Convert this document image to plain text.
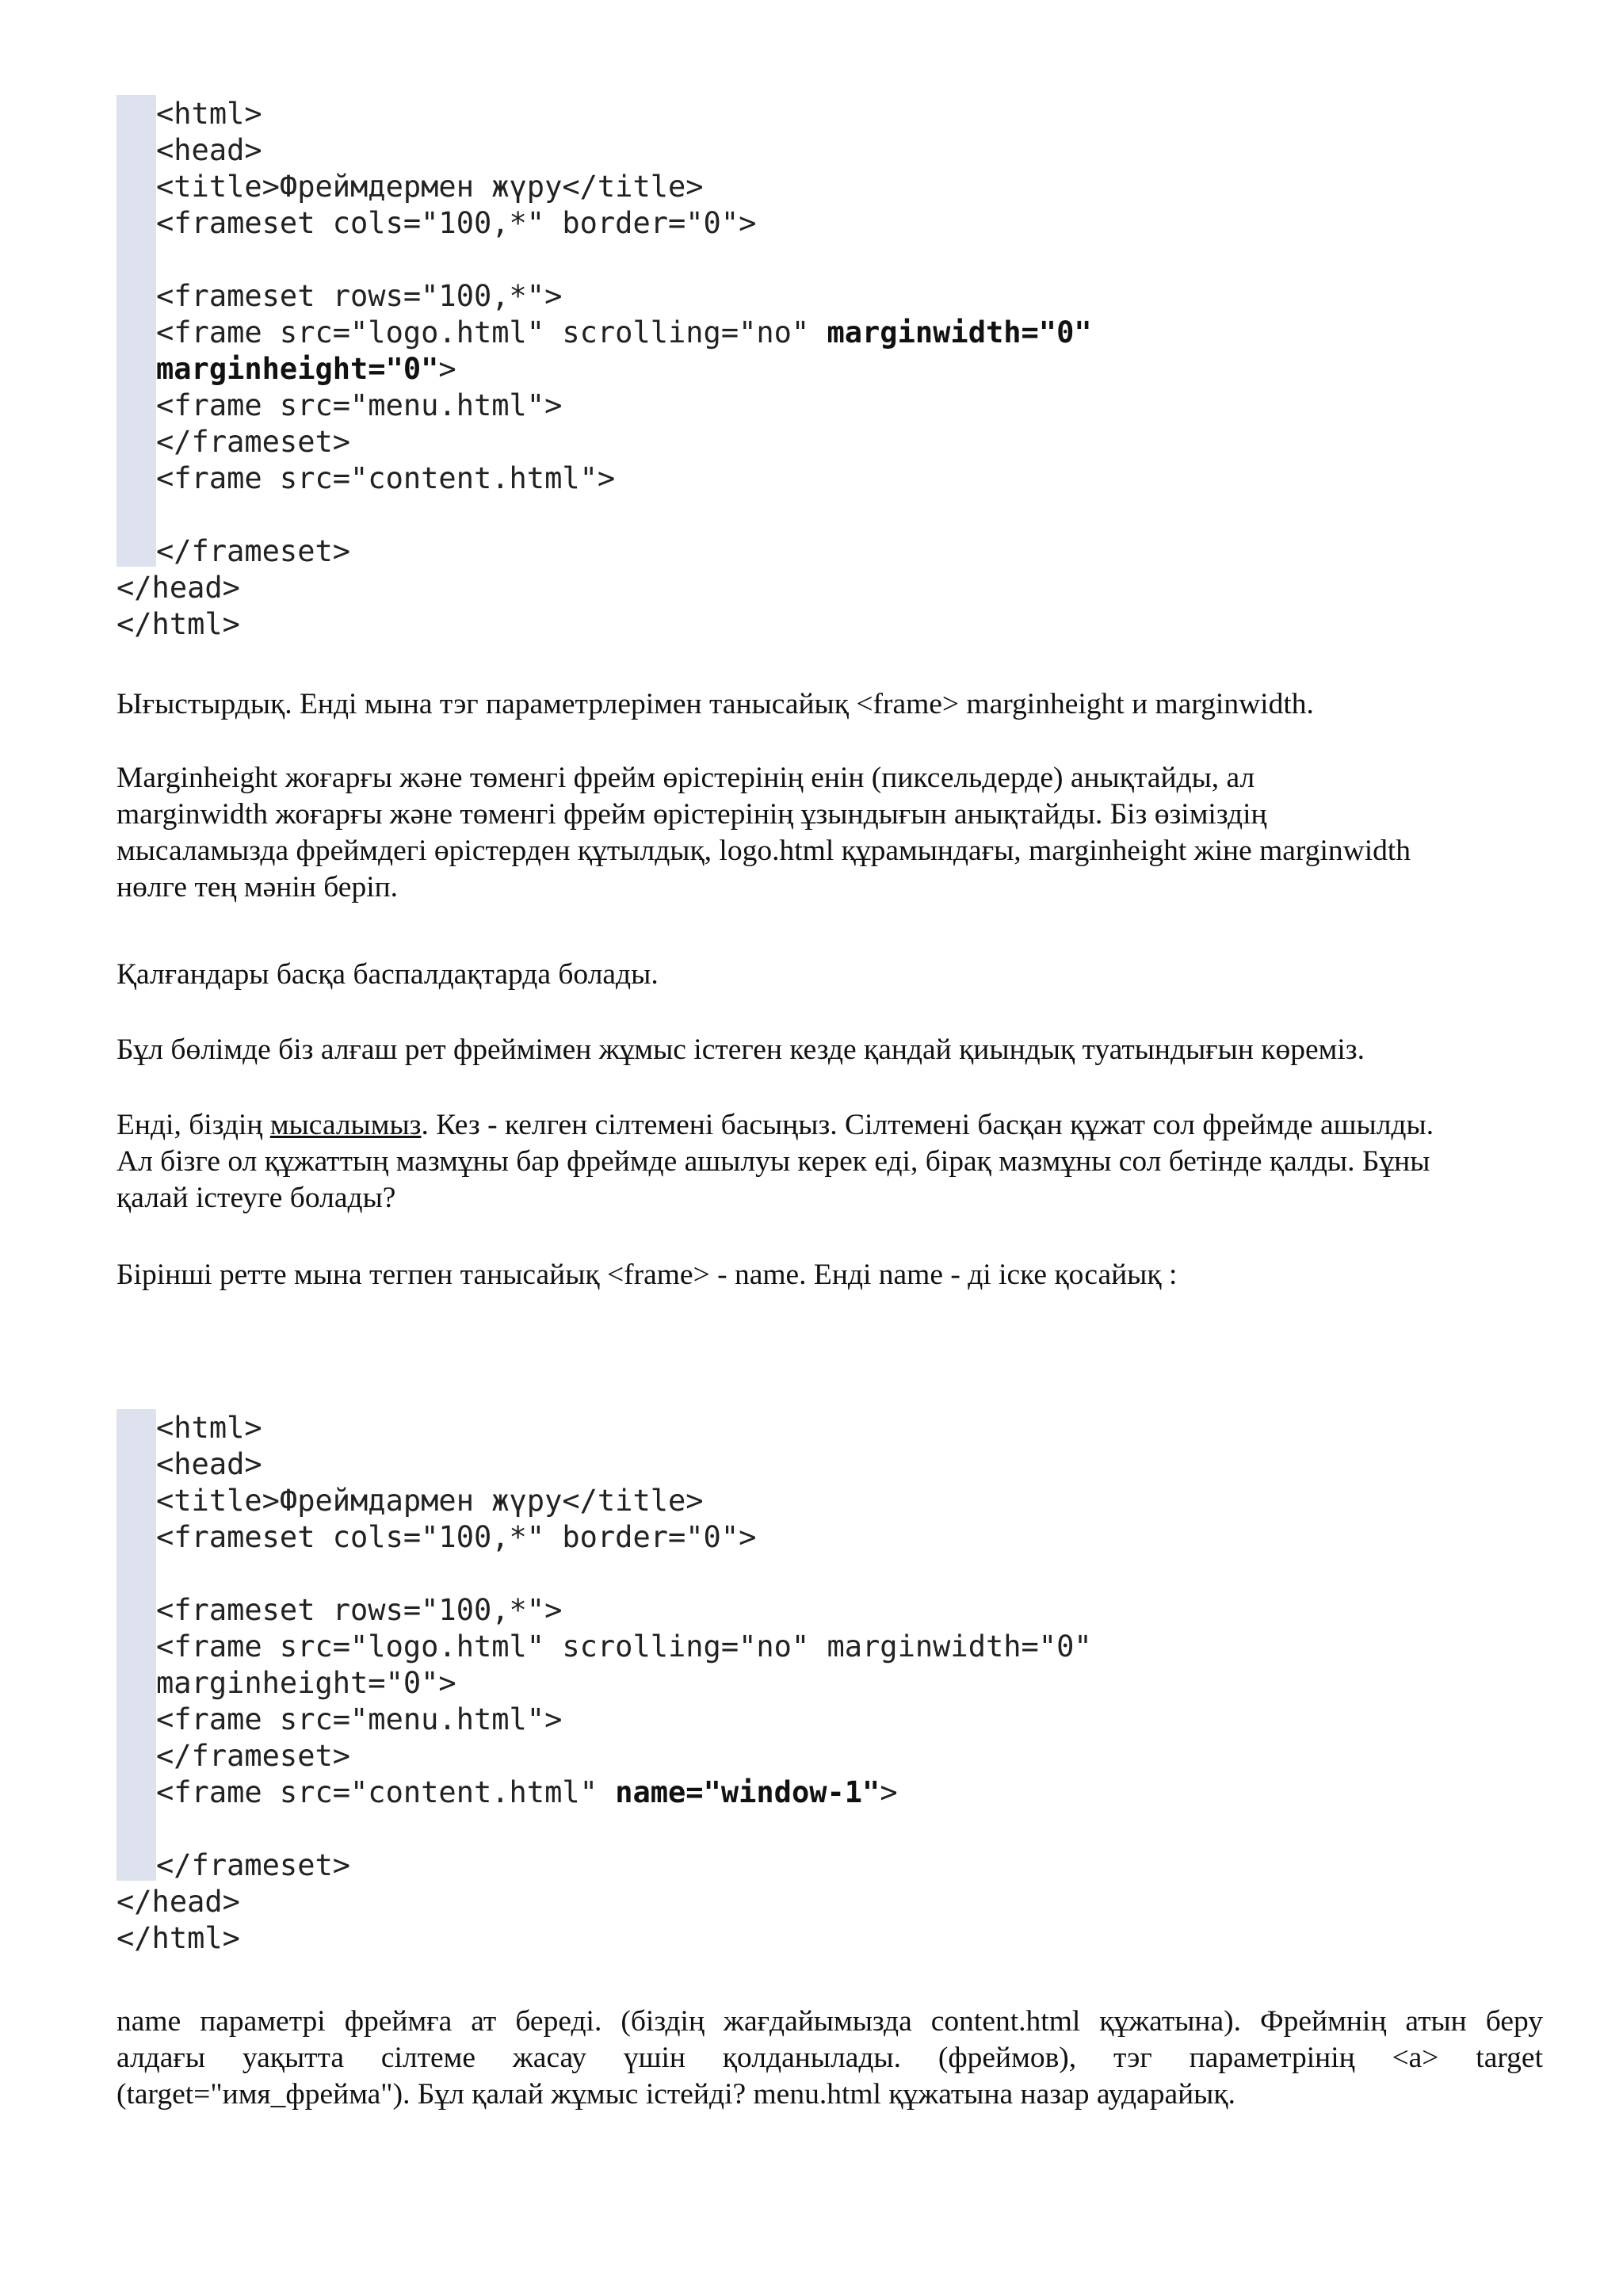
<html>
<head>
<title>Фреймдермен жүру</title>
<frameset cols="100,*" border="0">
<frameset rows="100,*">
<frame src="logo.html" scrolling="no" marginwidth="0"
marginheight="0">
<frame src="menu.html">
</frameset>
<frame src="content.html">
</frameset>
</head>
</html>
Ығыстырдық. Енді мына тэг параметрлерімен танысайық <frame> marginheight и marginwidth.
Marginheight жоғарғы және төменгі фрейм өрістерінің енін (пиксельдерде) анықтайды, ал
marginwidth жоғарғы және төменгі фрейм өрістерінің ұзындығын анықтайды. Біз өзіміздің
мысаламызда фреймдегі өрістерден құтылдық, logo.html құрамындағы, marginheight жіне marginwidth
нөлге тең мәнін беріп.
Қалғандары басқа баспалдақтарда болады.
Бұл бөлімде біз алғаш рет фреймімен жұмыс істеген кезде қандай қиындық туатындығын көреміз.
Енді, біздің мысалымыз. Кез - келген сілтемені басыңыз. Сілтемені басқан құжат сол фреймде ашылды.
Ал бізге ол құжаттың мазмұны бар фреймде ашылуы керек еді, бірақ мазмұны сол бетінде қалды. Бұны
қалай істеуге болады?
Бірінші ретте мына тегпен танысайық <frame> - name. Енді name - ді іске қосайық :
<html>
<head>
<title>Фреймдармен жүру</title>
<frameset cols="100,*" border="0">
<frameset rows="100,*">
<frame src="logo.html" scrolling="no" marginwidth="0"
marginheight="0">
<frame src="menu.html">
</frameset>
<frame src="content.html" name="window-1">
</frameset>
</head>
</html>
name параметрі фреймға ат береді. (біздің жағдайымызда content.html құжатына). Фреймнің атын беру
алдағы уақытта сілтеме жасау үшін қолданылады. (фреймов), тэг параметрінің <a> target
(target="имя_фрейма"). Бұл қалай жұмыс істейді? menu.html құжатына назар аударайық.
